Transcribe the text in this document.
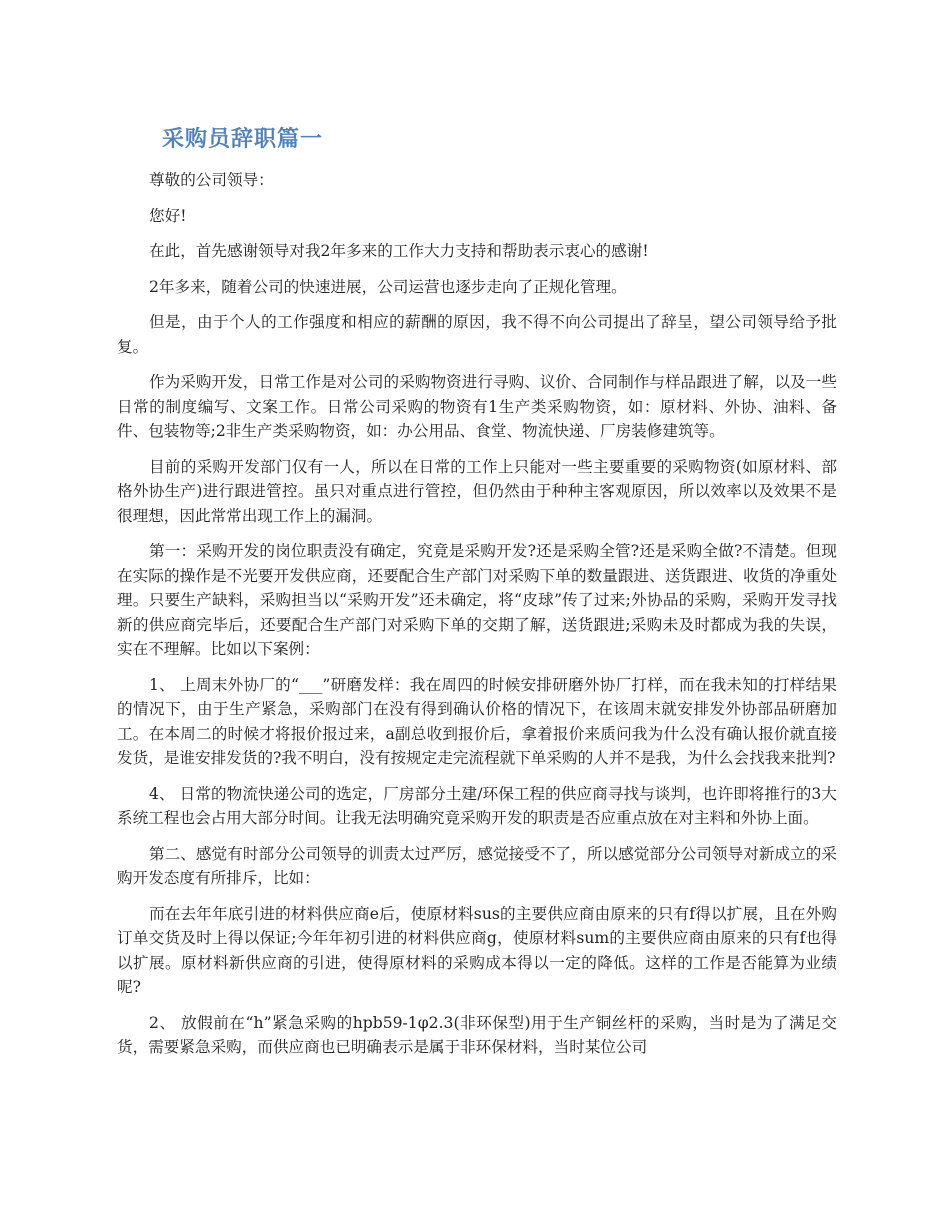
采购员辞职篇一

尊敬的公司领导：

您好!

在此，首先感谢领导对我2年多来的工作大力支持和帮助表示衷心的感谢!

2年多来，随着公司的快速进展，公司运营也逐步走向了正规化管理。

但是，由于个人的工作强度和相应的薪酬的原因，我不得不向公司提出了辞呈，望公司领导给予批复。

作为采购开发，日常工作是对公司的采购物资进行寻购、议价、合同制作与样品跟进了解，以及一些日常的制度编写、文案工作。日常公司采购的物资有1生产类采购物资，如：原材料、外协、油料、备件、包装物等;2非生产类采购物资，如：办公用品、食堂、物流快递、厂房装修建筑等。

目前的采购开发部门仅有一人，所以在日常的工作上只能对一些主要重要的采购物资(如原材料、部格外协生产)进行跟进管控。虽只对重点进行管控，但仍然由于种种主客观原因，所以效率以及效果不是很理想，因此常常出现工作上的漏洞。

第一：采购开发的岗位职责没有确定，究竟是采购开发?还是采购全管?还是采购全做?不清楚。但现在实际的操作是不光要开发供应商，还要配合生产部门对采购下单的数量跟进、送货跟进、收货的净重处理。只要生产缺料，采购担当以“采购开发”还未确定，将“皮球”传了过来;外协品的采购，采购开发寻找新的供应商完毕后，还要配合生产部门对采购下单的交期了解，送货跟进;采购未及时都成为我的失误，实在不理解。比如以下案例：

1、 上周末外协厂的“___”研磨发样：我在周四的时候安排研磨外协厂打样，而在我未知的打样结果的情况下，由于生产紧急，采购部门在没有得到确认价格的情况下，在该周末就安排发外协部品研磨加工。在本周二的时候才将报价报过来，a副总收到报价后，拿着报价来质问我为什么没有确认报价就直接发货，是谁安排发货的?我不明白，没有按规定走完流程就下单采购的人并不是我，为什么会找我来批判?

4、 日常的物流快递公司的选定，厂房部分土建/环保工程的供应商寻找与谈判，也许即将推行的3大系统工程也会占用大部分时间。让我无法明确究竟采购开发的职责是否应重点放在对主料和外协上面。

第二、感觉有时部分公司领导的训责太过严厉，感觉接受不了，所以感觉部分公司领导对新成立的采购开发态度有所排斥，比如：

而在去年年底引进的材料供应商e后，使原材料sus的主要供应商由原来的只有f得以扩展，且在外购订单交货及时上得以保证;今年年初引进的材料供应商g，使原材料sum的主要供应商由原来的只有f也得以扩展。原材料新供应商的引进，使得原材料的采购成本得以一定的降低。这样的工作是否能算为业绩呢?

2、 放假前在“h”紧急采购的hpb59-1φ2.3(非环保型)用于生产铜丝杆的采购，当时是为了满足交货，需要紧急采购，而供应商也已明确表示是属于非环保材料，当时某位公司
